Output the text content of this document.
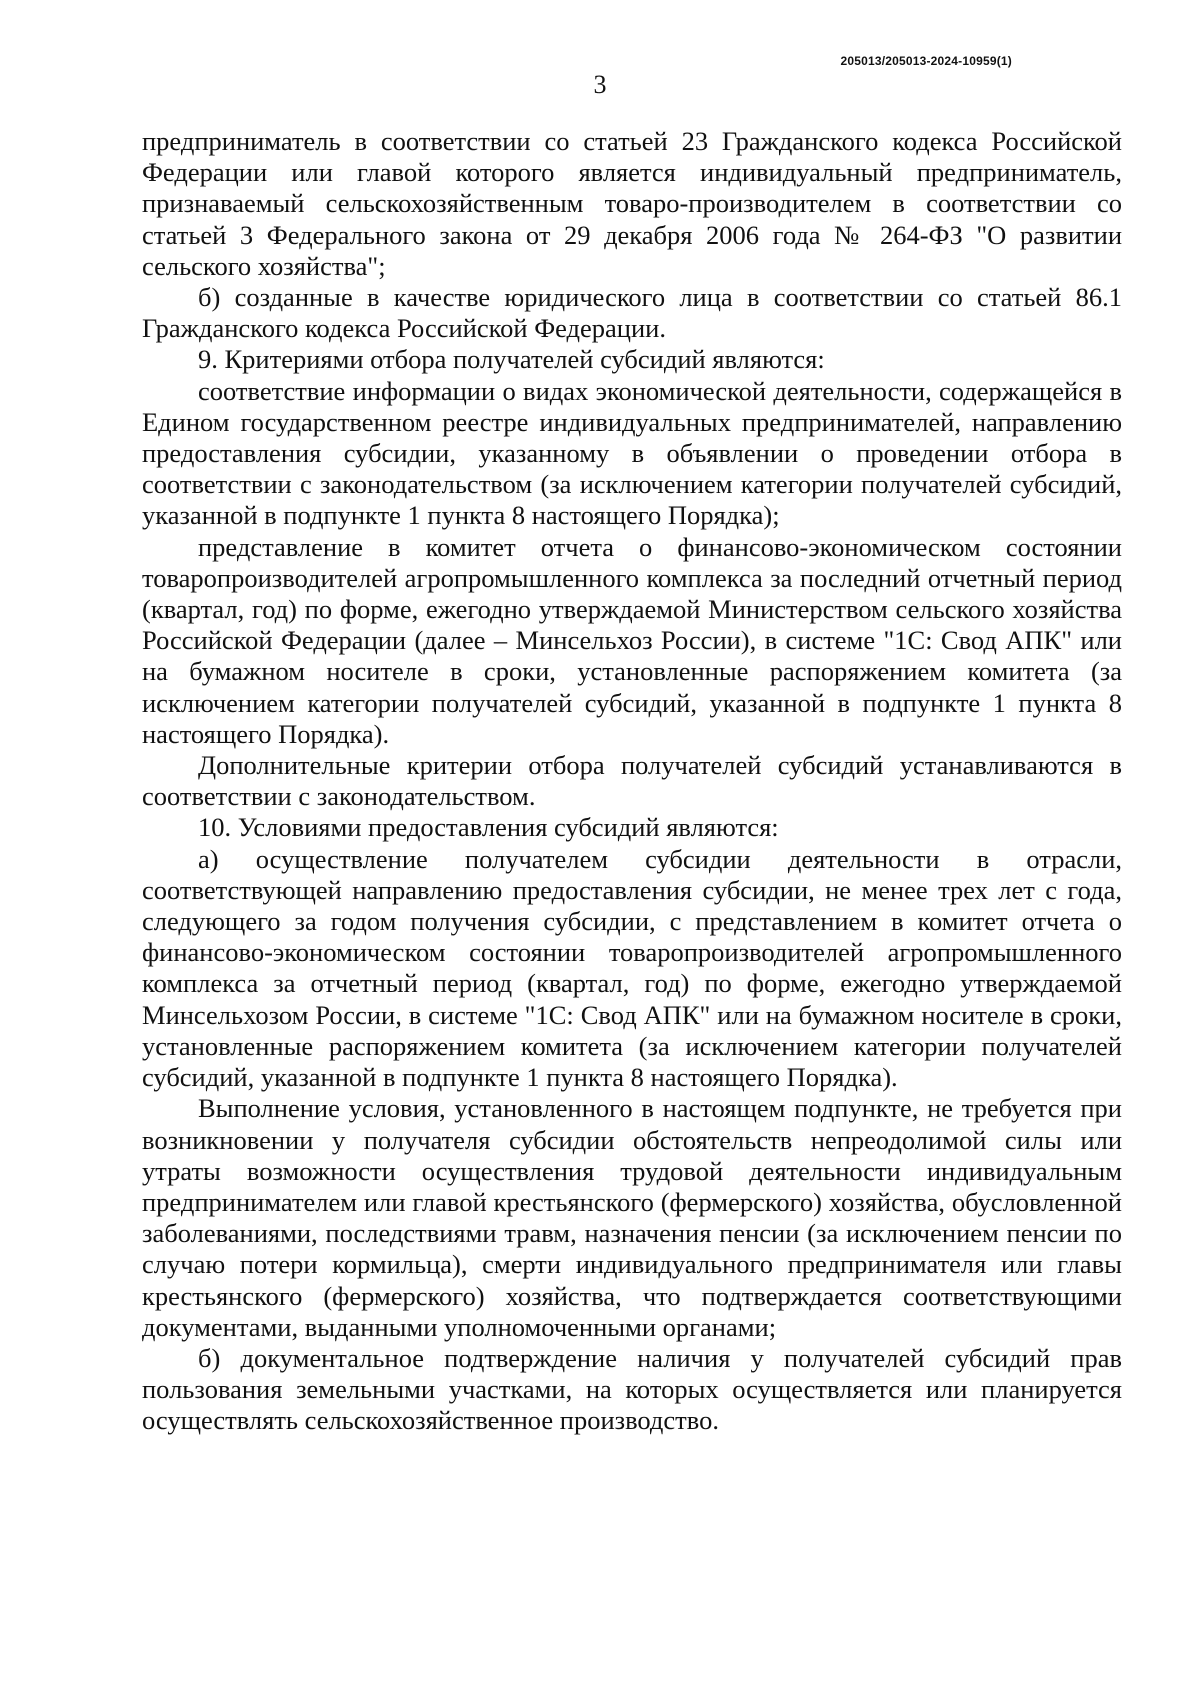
205013/205013-2024-10959(1)
3

предприниматель в соответствии со статьей 23 Гражданского кодекса Российской Федерации или главой которого является индивидуальный предприниматель, признаваемый сельскохозяйственным товаро-производителем в соответствии со статьей 3 Федерального закона от 29 декабря 2006 года № 264-ФЗ "О развитии сельского хозяйства";

б) созданные в качестве юридического лица в соответствии со статьей 86.1 Гражданского кодекса Российской Федерации.

9. Критериями отбора получателей субсидий являются:

соответствие информации о видах экономической деятельности, содержащейся в Едином государственном реестре индивидуальных предпринимателей, направлению предоставления субсидии, указанному в объявлении о проведении отбора в соответствии с законодательством (за исключением категории получателей субсидий, указанной в подпункте 1 пункта 8 настоящего Порядка);

представление в комитет отчета о финансово-экономическом состоянии товаропроизводителей агропромышленного комплекса за последний отчетный период (квартал, год) по форме, ежегодно утверждаемой Министерством сельского хозяйства Российской Федерации (далее – Минсельхоз России), в системе "1С: Свод АПК" или на бумажном носителе в сроки, установленные распоряжением комитета (за исключением категории получателей субсидий, указанной в подпункте 1 пункта 8 настоящего Порядка).

Дополнительные критерии отбора получателей субсидий устанавливаются в соответствии с законодательством.

10. Условиями предоставления субсидий являются:

а) осуществление получателем субсидии деятельности в отрасли, соответствующей направлению предоставления субсидии, не менее трех лет с года, следующего за годом получения субсидии, с представлением в комитет отчета о финансово-экономическом состоянии товаропроизводителей агропромышленного комплекса за отчетный период (квартал, год) по форме, ежегодно утверждаемой Минсельхозом России, в системе "1С: Свод АПК" или на бумажном носителе в сроки, установленные распоряжением комитета (за исключением категории получателей субсидий, указанной в подпункте 1 пункта 8 настоящего Порядка).

Выполнение условия, установленного в настоящем подпункте, не требуется при возникновении у получателя субсидии обстоятельств непреодолимой силы или утраты возможности осуществления трудовой деятельности индивидуальным предпринимателем или главой крестьянского (фермерского) хозяйства, обусловленной заболеваниями, последствиями травм, назначения пенсии (за исключением пенсии по случаю потери кормильца), смерти индивидуального предпринимателя или главы крестьянского (фермерского) хозяйства, что подтверждается соответствующими документами, выданными уполномоченными органами;

б) документальное подтверждение наличия у получателей субсидий прав пользования земельными участками, на которых осуществляется или планируется осуществлять сельскохозяйственное производство.
